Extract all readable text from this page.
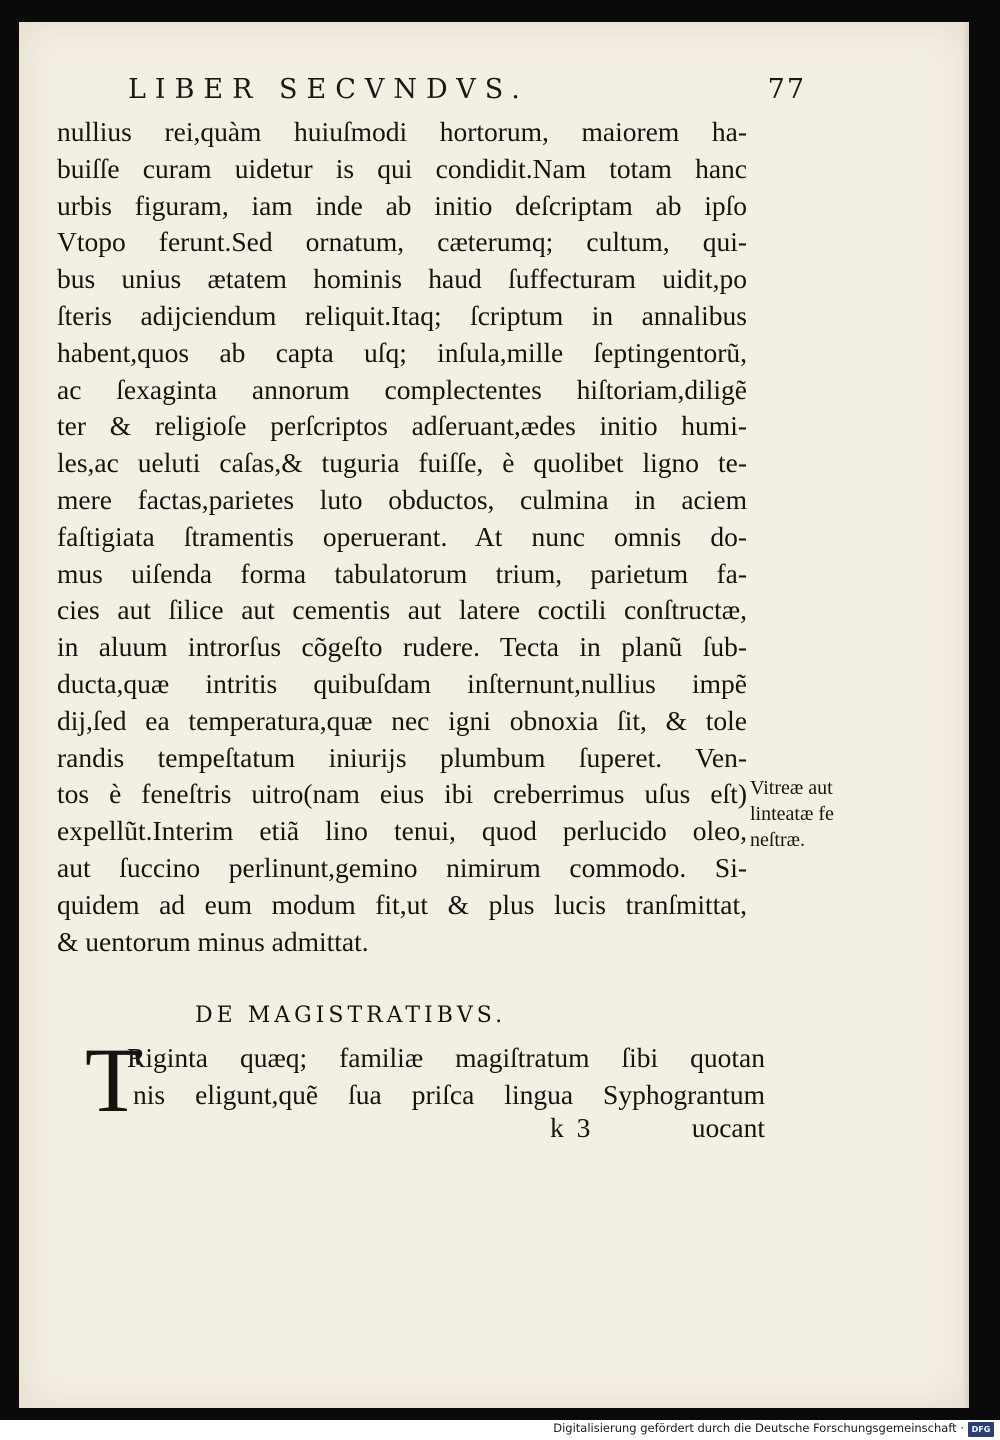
LIBER SECVNDVS.	77
nullius rei,quàm huiuſmodi hortorum, maiorem ha-
buiſſe curam uidetur is qui condidit.Nam totam hanc
urbis figuram, iam inde ab initio deſcriptam ab ipſo
Vtopo ferunt.Sed ornatum, cæterumq; cultum, qui-
bus unius ætatem hominis haud ſuffecturam uidit,po
ſteris adijciendum reliquit.Itaq; ſcriptum in annalibus
habent,quos ab capta uſq; inſula,mille ſeptingentorũ,
ac ſexaginta annorum complectentes hiſtoriam,diligẽ
ter & religioſe perſcriptos adſeruant,ædes initio humi-
les,ac ueluti caſas,& tuguria fuiſſe, è quolibet ligno te-
mere factas,parietes luto obductos, culmina in aciem
faſtigiata ſtramentis operuerant. At nunc omnis do-
mus uiſenda forma tabulatorum trium, parietum fa-
cies aut ſilice aut cementis aut latere coctili conſtructæ,
in aluum introrſus cõgeſto rudere. Tecta in planũ ſub-
ducta,quæ intritis quibuſdam inſternunt,nullius impẽ
dij,ſed ea temperatura,quæ nec igni obnoxia ſit, & tole
randis tempeſtatum iniurijs plumbum ſuperet. Ven-
tos è feneſtris uitro(nam eius ibi creberrimus uſus eſt)
expellũt.Interim etiã lino tenui, quod perlucido oleo,
aut ſuccino perlinunt,gemino nimirum commodo. Si-
quidem ad eum modum fit,ut & plus lucis tranſmittat,
& uentorum minus admittat.
Vitreæ aut
linteatæ fe
neſtræ.
DE MAGISTRATIBVS.
T
Riginta quæq; familiæ magiſtratum ſibi quotan
nis eligunt,quẽ ſua priſca lingua Syphograntum
k 3	uocant
Digitalisierung gefördert durch die Deutsche Forschungsgemeinschaft · DFG
